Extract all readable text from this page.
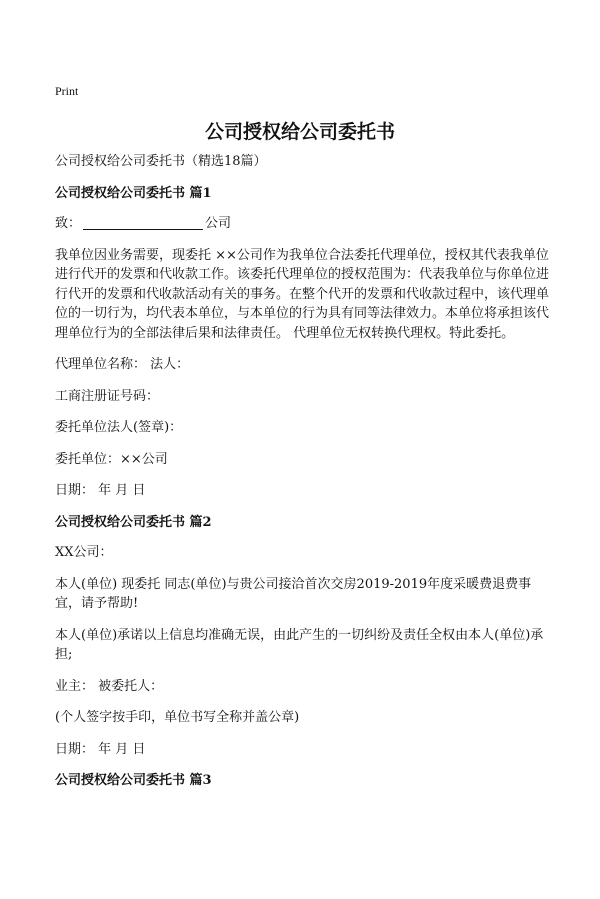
Print
公司授权给公司委托书

公司授权给公司委托书（精选18篇）

公司授权给公司委托书 篇1

致：	公司

我单位因业务需要，现委托 ××公司作为我单位合法委托代理单位，授权其代表我单位进行代开的发票和代收款工作。该委托代理单位的授权范围为：代表我单位与你单位进行代开的发票和代收款活动有关的事务。在整个代开的发票和代收款过程中，该代理单位的一切行为，均代表本单位，与本单位的行为具有同等法律效力。本单位将承担该代理单位行为的全部法律后果和法律责任。 代理单位无权转换代理权。特此委托。

代理单位名称： 法人：

工商注册证号码：

委托单位法人(签章)：

委托单位：××公司

日期： 年 月 日

公司授权给公司委托书 篇2

XX公司：

本人(单位) 现委托 同志(单位)与贵公司接洽首次交房2019-2019年度采暖费退费事宜，请予帮助!

本人(单位)承诺以上信息均准确无误，由此产生的一切纠纷及责任全权由本人(单位)承担;

业主： 被委托人：

(个人签字按手印，单位书写全称并盖公章)

日期： 年 月 日

公司授权给公司委托书 篇3
